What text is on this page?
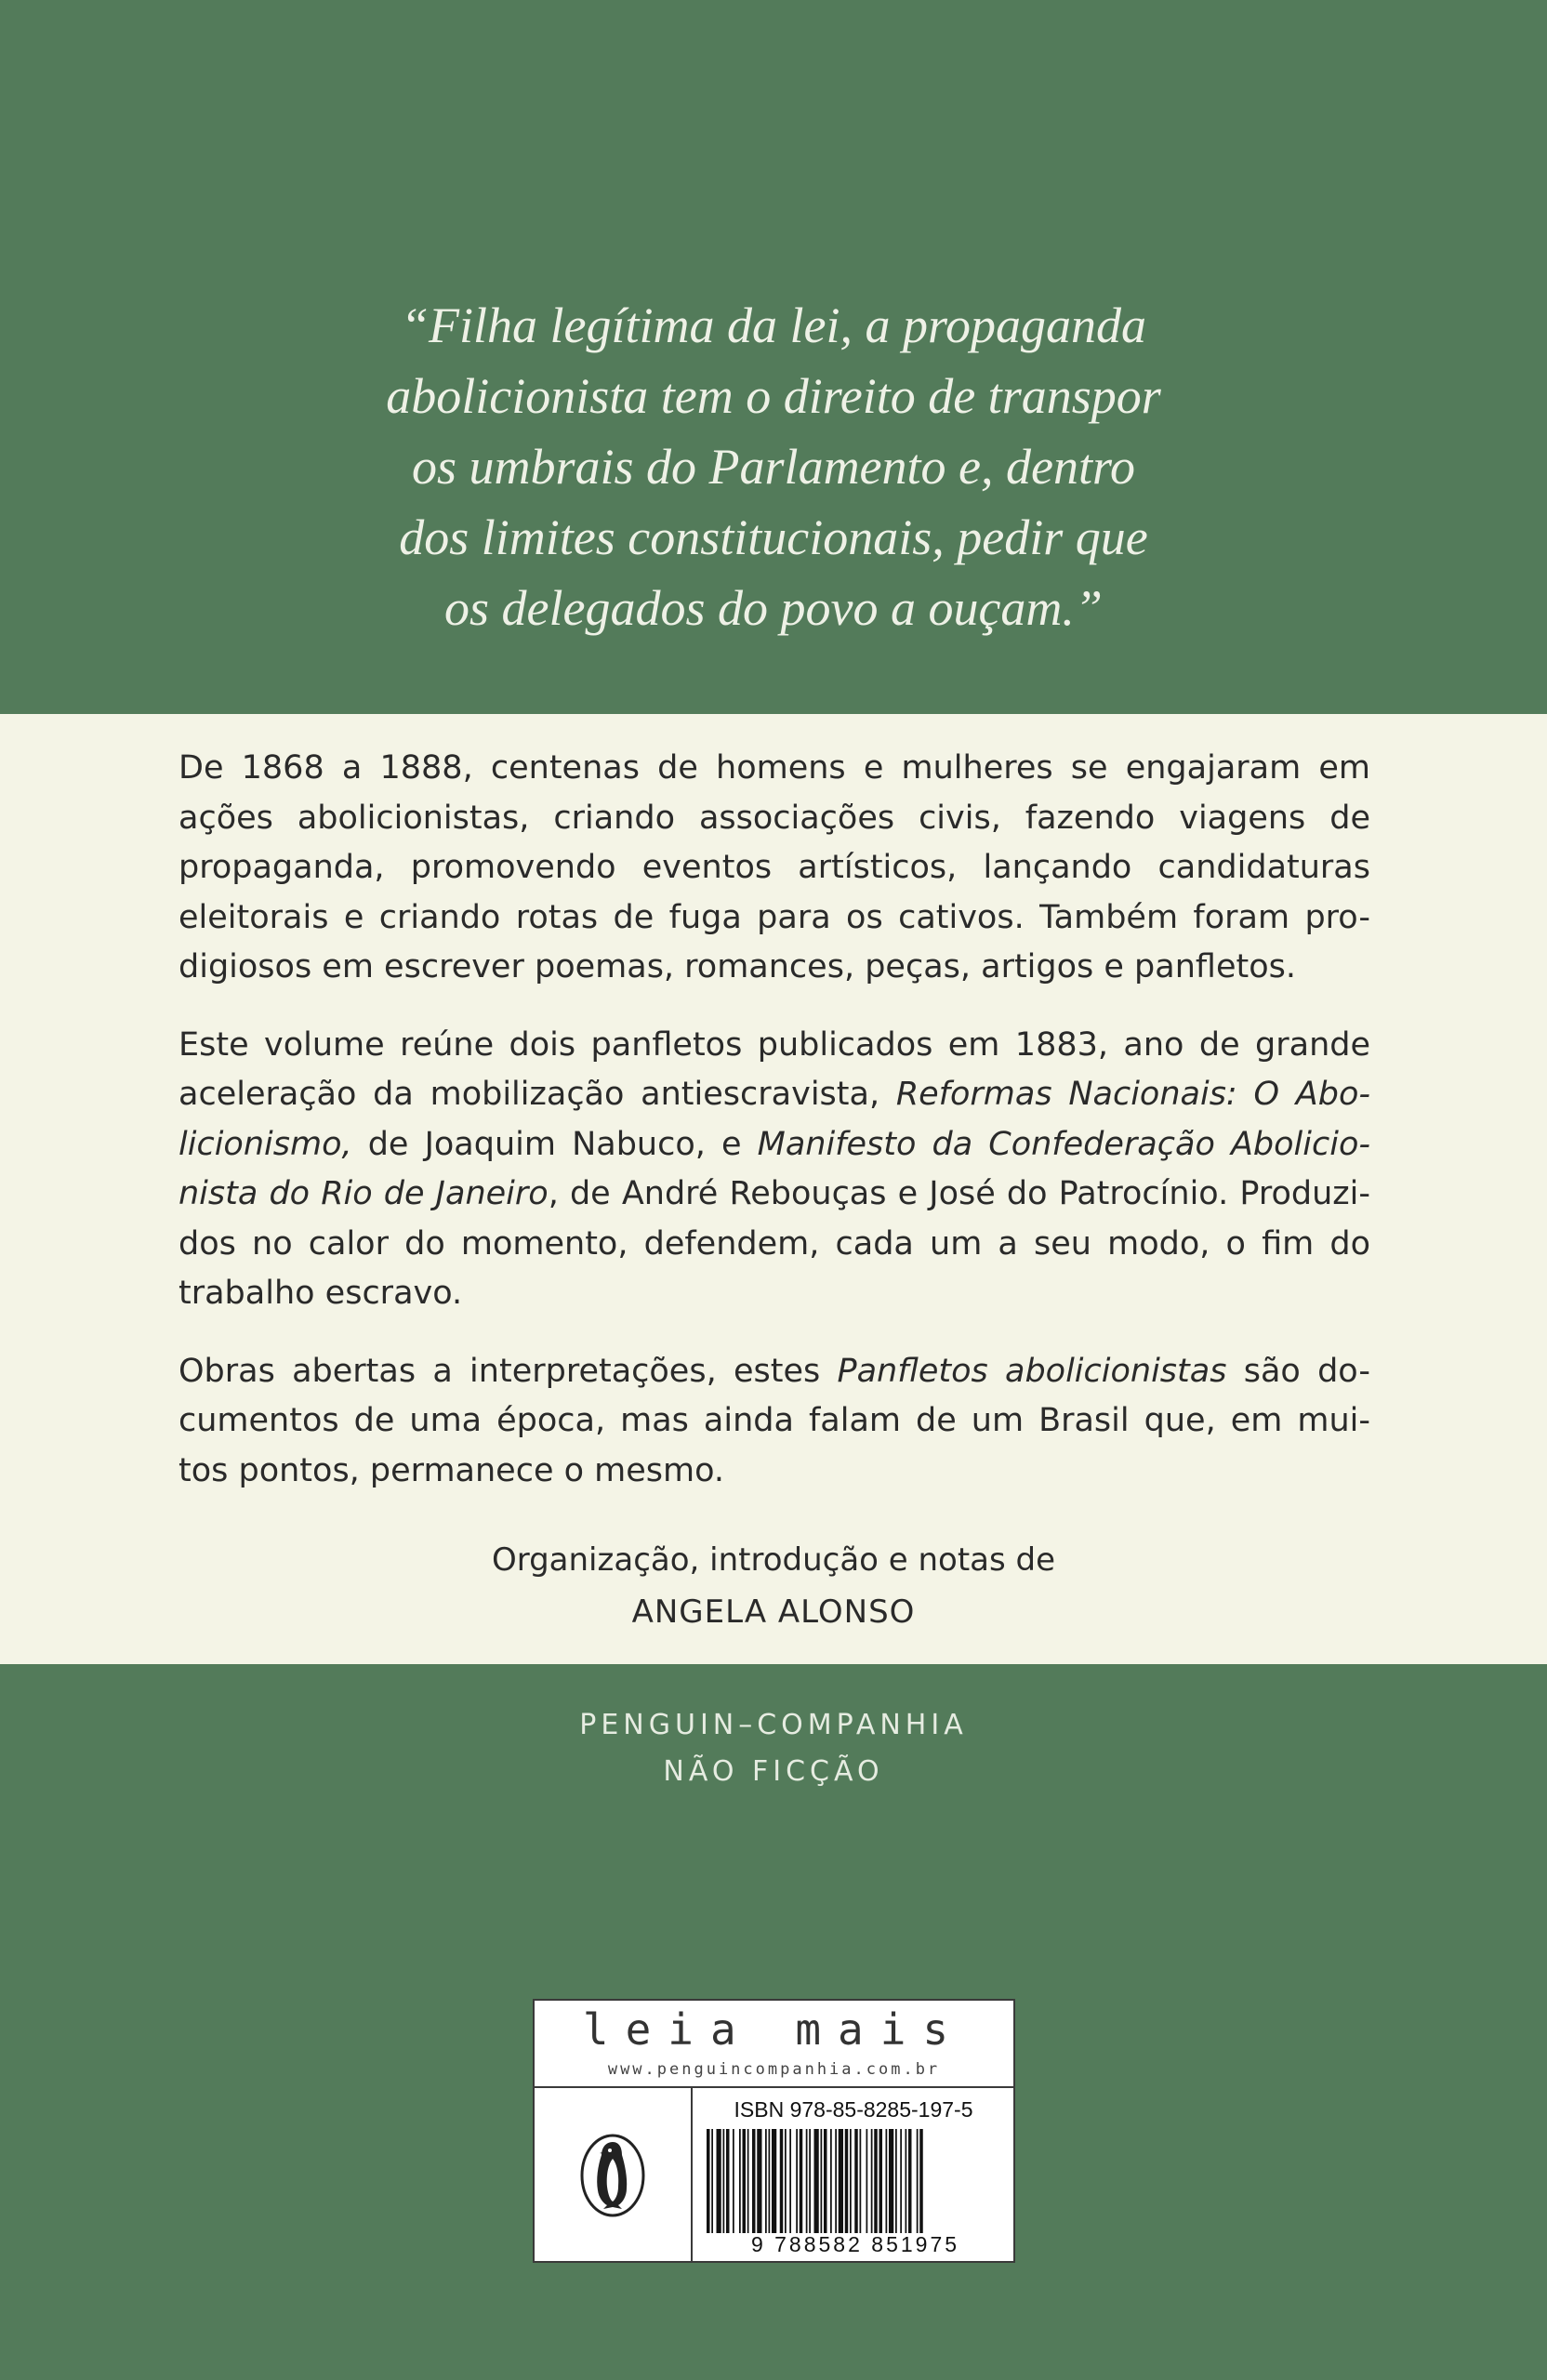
“Filha legítima da lei, a propaganda
abolicionista tem o direito de transpor
os umbrais do Parlamento e, dentro
dos limites constitucionais, pedir que
os delegados do povo a ouçam.”

De 1868 a 1888, centenas de homens e mulheres se engajaram em
ações abolicionistas, criando associações civis, fazendo viagens de
propaganda, promovendo eventos artísticos, lançando candidaturas
eleitorais e criando rotas de fuga para os cativos. Também foram pro-
digiosos em escrever poemas, romances, peças, artigos e panfletos.
Este volume reúne dois panfletos publicados em 1883, ano de grande
aceleração da mobilização antiescravista, Reformas Nacionais: O Abo-
licionismo, de Joaquim Nabuco, e Manifesto da Confederação Abolicio-
nista do Rio de Janeiro, de André Rebouças e José do Patrocínio. Produzi-
dos no calor do momento, defendem, cada um a seu modo, o fim do
trabalho escravo.
Obras abertas a interpretações, estes Panfletos abolicionistas são do-
cumentos de uma época, mas ainda falam de um Brasil que, em mui-
tos pontos, permanece o mesmo.
Organização, introdução e notas de
ANGELA ALONSO
PENGUIN–COMPANHIA
NÃO FICÇÃO
leia mais
www.penguincompanhia.com.br
ISBN 978-85-8285-197-5
9 788582 851975
